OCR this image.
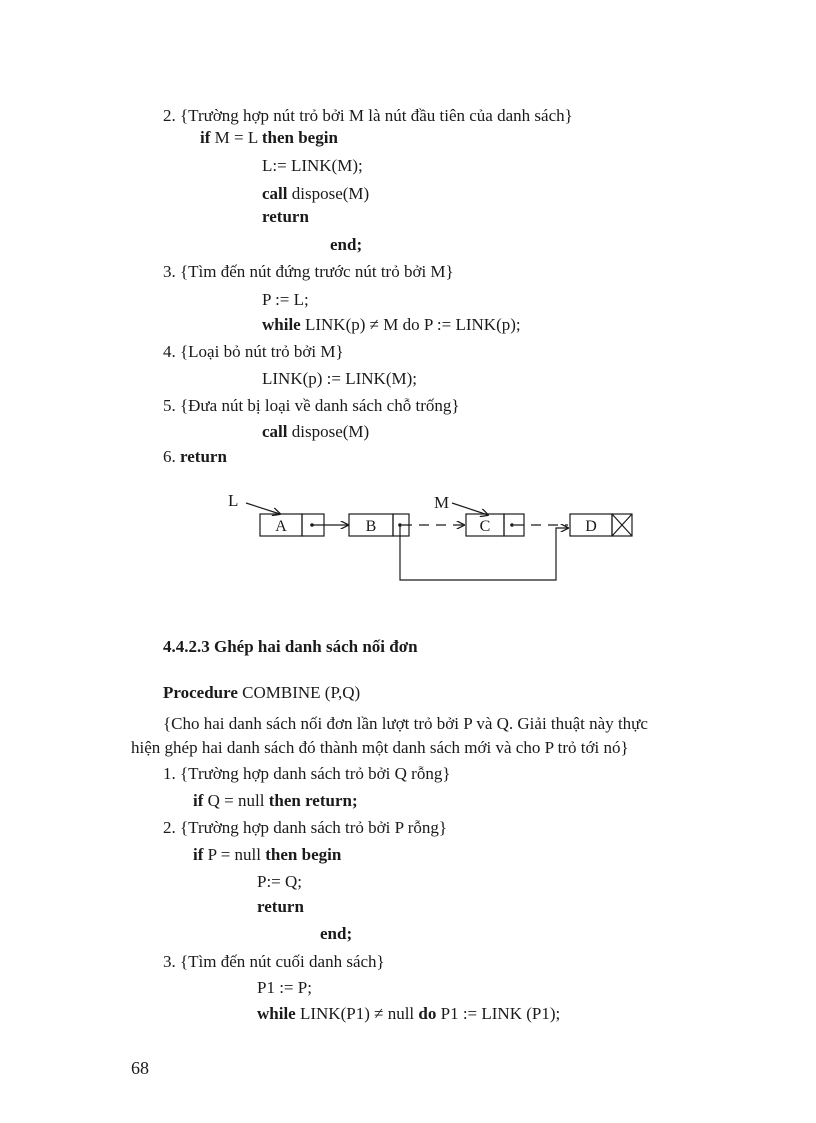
2. {Trường hợp nút trỏ bởi M là nút đầu tiên của danh sách}
if M = L then begin
L:= LINK(M);
call dispose(M)
return
end;
3. {Tìm đến nút đứng trước nút trỏ bởi M}
P := L;
while LINK(p) ≠ M do P := LINK(p);
4. {Loại bỏ nút trỏ bởi M}
LINK(p) := LINK(M);
5. {Đưa nút bị loại về danh sách chỗ trống}
call dispose(M)
6. return
L	M
A	B	C	D
4.4.2.3 Ghép hai danh sách nối đơn
Procedure COMBINE (P,Q)
{Cho hai danh sách nối đơn lần lượt trỏ bởi P và Q. Giải thuật này thực
hiện ghép hai danh sách đó thành một danh sách mới và cho P trỏ tới nó}
1. {Trường hợp danh sách trỏ bởi Q rỗng}
if Q = null then return;
2. {Trường hợp danh sách trỏ bởi P rỗng}
if P = null then begin
P:= Q;
return
end;
3. {Tìm đến nút cuối danh sách}
P1 := P;
while LINK(P1) ≠ null do P1 := LINK (P1);
68
